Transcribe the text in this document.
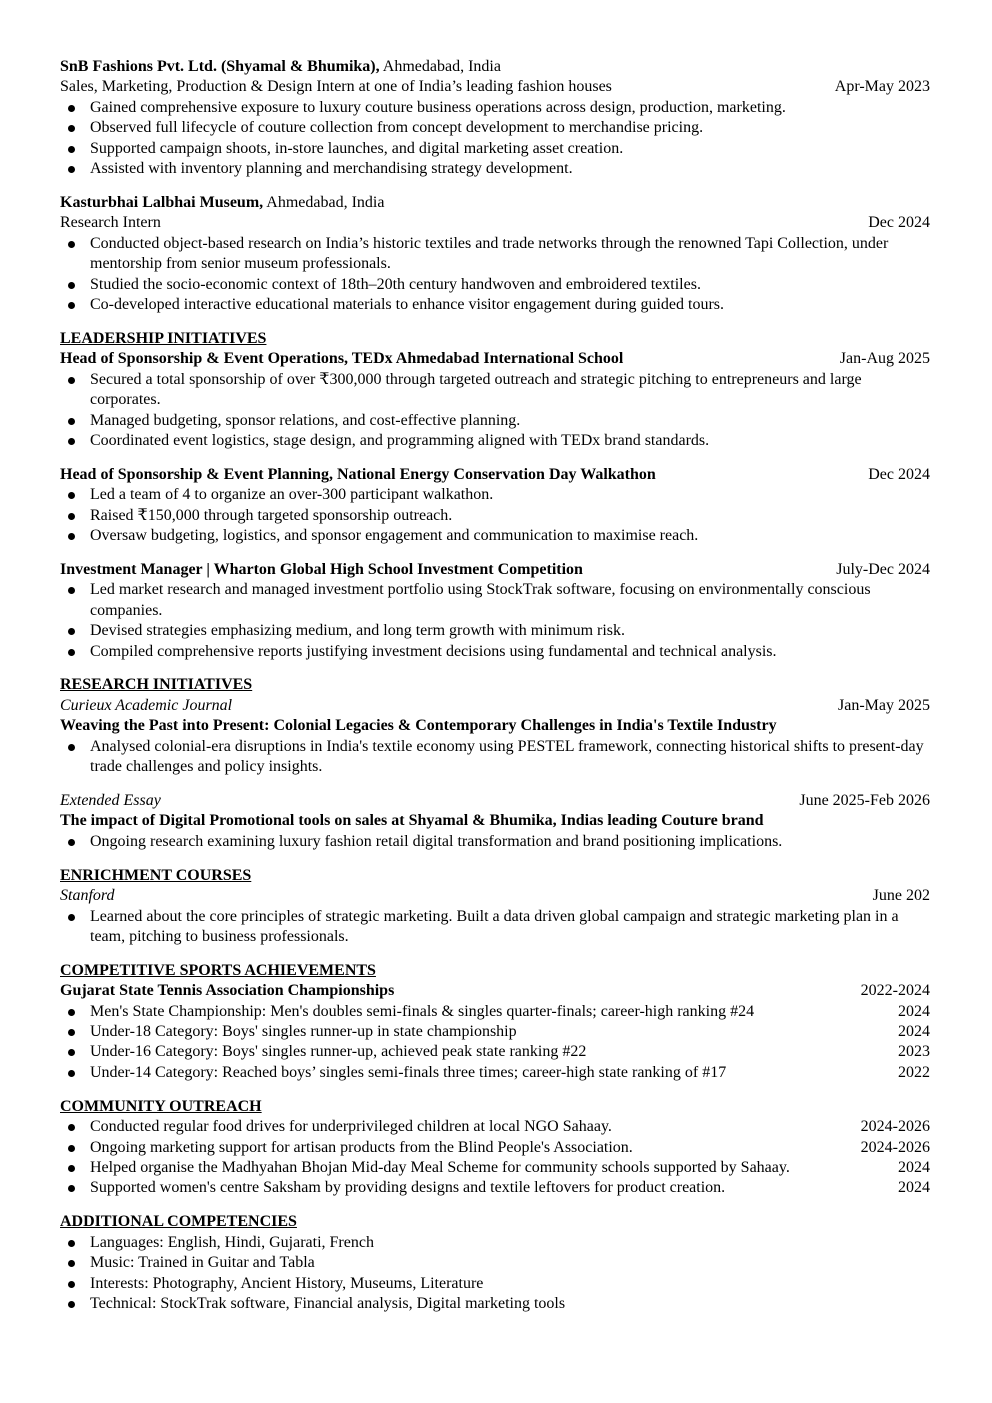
SnB Fashions Pvt. Ltd. (Shyamal & Bhumika), Ahmedabad, India
Sales, Marketing, Production & Design Intern at one of India’s leading fashion houses	Apr-May 2023
Gained comprehensive exposure to luxury couture business operations across design, production, marketing.
Observed full lifecycle of couture collection from concept development to merchandise pricing.
Supported campaign shoots, in-store launches, and digital marketing asset creation.
Assisted with inventory planning and merchandising strategy development.
Kasturbhai Lalbhai Museum, Ahmedabad, India
Research Intern	Dec 2024
Conducted object-based research on India’s historic textiles and trade networks through the renowned Tapi Collection, under mentorship from senior museum professionals.
Studied the socio-economic context of 18th–20th century handwoven and embroidered textiles.
Co-developed interactive educational materials to enhance visitor engagement during guided tours.
LEADERSHIP INITIATIVES
Head of Sponsorship & Event Operations, TEDx Ahmedabad International School	Jan-Aug 2025
Secured a total sponsorship of over ₹300,000 through targeted outreach and strategic pitching to entrepreneurs and large corporates.
Managed budgeting, sponsor relations, and cost-effective planning.
Coordinated event logistics, stage design, and programming aligned with TEDx brand standards.
Head of Sponsorship & Event Planning, National Energy Conservation Day Walkathon	Dec 2024
Led a team of 4 to organize an over-300 participant walkathon.
Raised ₹150,000 through targeted sponsorship outreach.
Oversaw budgeting, logistics, and sponsor engagement and communication to maximise reach.
Investment Manager | Wharton Global High School Investment Competition	July-Dec 2024
Led market research and managed investment portfolio using StockTrak software, focusing on environmentally conscious companies.
Devised strategies emphasizing medium, and long term growth with minimum risk.
Compiled comprehensive reports justifying investment decisions using fundamental and technical analysis.
RESEARCH INITIATIVES
Curieux Academic Journal	Jan-May 2025
Weaving the Past into Present: Colonial Legacies & Contemporary Challenges in India's Textile Industry
Analysed colonial-era disruptions in India's textile economy using PESTEL framework, connecting historical shifts to present-day trade challenges and policy insights.
Extended Essay	June 2025-Feb 2026
The impact of Digital Promotional tools on sales at Shyamal & Bhumika, Indias leading Couture brand
Ongoing research examining luxury fashion retail digital transformation and brand positioning implications.
ENRICHMENT COURSES
Stanford	June 202
Learned about the core principles of strategic marketing. Built a data driven global campaign and strategic marketing plan in a team, pitching to business professionals.
COMPETITIVE SPORTS ACHIEVEMENTS
Gujarat State Tennis Association Championships	2022-2024
Men's State Championship: Men's doubles semi-finals & singles quarter-finals; career-high ranking #24	2024
Under-18 Category: Boys' singles runner-up in state championship	2024
Under-16 Category: Boys' singles runner-up, achieved peak state ranking #22	2023
Under-14 Category: Reached boys’ singles semi-finals three times; career-high state ranking of #17	2022
COMMUNITY OUTREACH
Conducted regular food drives for underprivileged children at local NGO Sahaay.	2024-2026
Ongoing marketing support for artisan products from the Blind People's Association.	2024-2026
Helped organise the Madhyahan Bhojan Mid-day Meal Scheme for community schools supported by Sahaay.	2024
Supported women's centre Saksham by providing designs and textile leftovers for product creation.	2024
ADDITIONAL COMPETENCIES
Languages: English, Hindi, Gujarati, French
Music: Trained in Guitar and Tabla
Interests: Photography, Ancient History, Museums, Literature
Technical: StockTrak software, Financial analysis, Digital marketing tools
